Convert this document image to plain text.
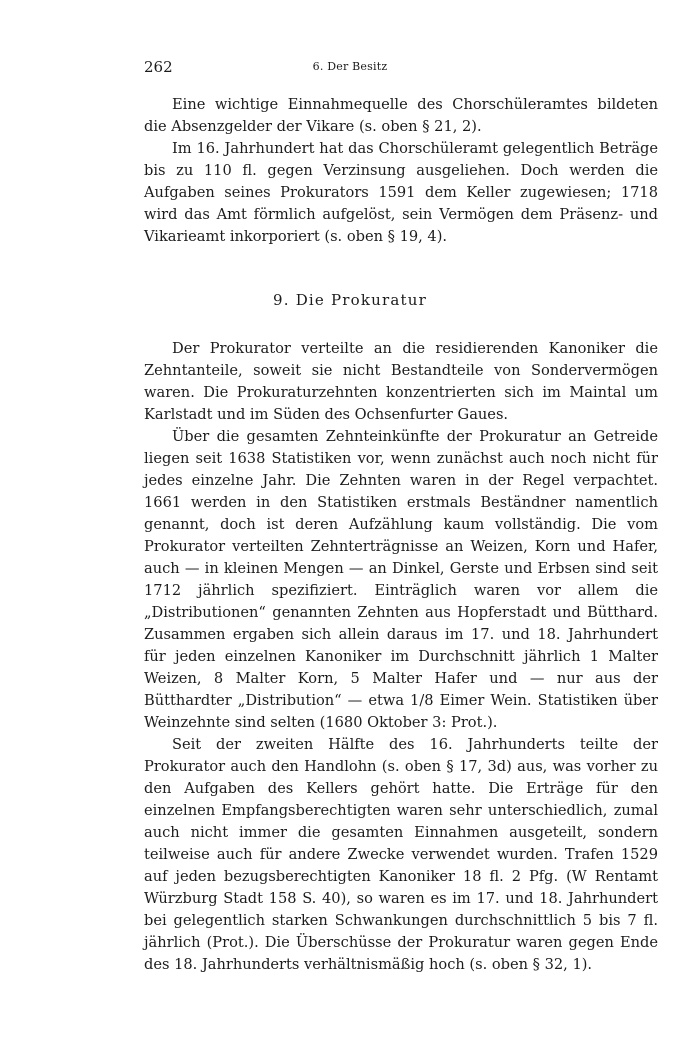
262	6. Der Besitz

Eine wichtige Einnahmequelle des Chorschüleramtes bildeten die Absenzgelder der Vikare (s. oben § 21, 2).

Im 16. Jahrhundert hat das Chorschüleramt gelegentlich Beträge bis zu 110 fl. gegen Verzinsung ausgeliehen. Doch werden die Aufgaben seines Prokurators 1591 dem Keller zugewiesen; 1718 wird das Amt förmlich aufgelöst, sein Vermögen dem Präsenz- und Vikarieamt inkorporiert (s. oben § 19, 4).

9. Die Prokuratur

Der Prokurator verteilte an die residierenden Kanoniker die Zehntanteile, soweit sie nicht Bestandteile von Sondervermögen waren. Die Prokuraturzehnten konzentrierten sich im Maintal um Karlstadt und im Süden des Ochsenfurter Gaues.

Über die gesamten Zehnteinkünfte der Prokuratur an Getreide liegen seit 1638 Statistiken vor, wenn zunächst auch noch nicht für jedes einzelne Jahr. Die Zehnten waren in der Regel verpachtet. 1661 werden in den Statistiken erstmals Beständner namentlich genannt, doch ist deren Aufzählung kaum vollständig. Die vom Prokurator verteilten Zehnterträgnisse an Weizen, Korn und Hafer, auch — in kleinen Mengen — an Dinkel, Gerste und Erbsen sind seit 1712 jährlich spezifiziert. Einträglich waren vor allem die „Distributionen“ genannten Zehnten aus Hopferstadt und Bütthard. Zusammen ergaben sich allein daraus im 17. und 18. Jahrhundert für jeden einzelnen Kanoniker im Durchschnitt jährlich 1 Malter Weizen, 8 Malter Korn, 5 Malter Hafer und — nur aus der Bütthardter „Distribution“ — etwa 1/8 Eimer Wein. Statistiken über Weinzehnte sind selten (1680 Oktober 3: Prot.).

Seit der zweiten Hälfte des 16. Jahrhunderts teilte der Prokurator auch den Handlohn (s. oben § 17, 3d) aus, was vorher zu den Aufgaben des Kellers gehört hatte. Die Erträge für den einzelnen Empfangsberechtigten waren sehr unterschiedlich, zumal auch nicht immer die gesamten Einnahmen ausgeteilt, sondern teilweise auch für andere Zwecke verwendet wurden. Trafen 1529 auf jeden bezugsberechtigten Kanoniker 18 fl. 2 Pfg. (W Rentamt Würzburg Stadt 158 S. 40), so waren es im 17. und 18. Jahrhundert bei gelegentlich starken Schwankungen durchschnittlich 5 bis 7 fl. jährlich (Prot.). Die Überschüsse der Prokuratur waren gegen Ende des 18. Jahrhunderts verhältnismäßig hoch (s. oben § 32, 1).
